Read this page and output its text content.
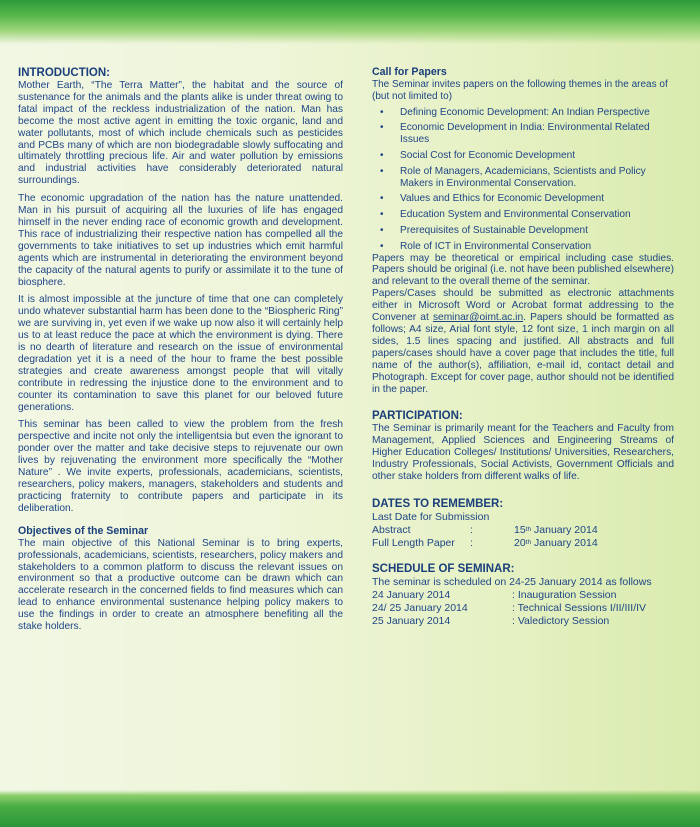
INTRODUCTION:

Mother Earth, “The Terra Matter”, the habitat and the source of sustenance for the animals and the plants alike is under threat owing to fatal impact of the reckless industrialization of the nation. Man has become the most active agent in emitting the toxic organic, land and water pollutants, most of which include chemicals such as pesticides and PCBs many of which are non biodegradable slowly suffocating and ultimately throttling precious life. Air and water pollution by emissions and industrial activities have considerably deteriorated natural surroundings.

The economic upgradation of the nation has the nature unattended. Man in his pursuit of acquiring all the luxuries of life has engaged himself in the never ending race of economic growth and development. This race of industrializing their respective nation has compelled all the governments to take initiatives to set up industries which emit harmful agents which are instrumental in deteriorating the environment beyond the capacity of the natural agents to purify or assimilate it to the tune of biosphere.

It is almost impossible at the juncture of time that one can completely undo whatever substantial harm has been done to the “Biospheric Ring” we are surviving in, yet even if we wake up now also it will certainly help us to at least reduce the pace at which the environment is dying. There is no dearth of literature and research on the issue of environmental degradation yet it is a need of the hour to frame the best possible strategies and create awareness amongst people that will vitally contribute in redressing the injustice done to the environment and to counter its contamination to save this planet for our beloved future generations.

This seminar has been called to view the problem from the fresh perspective and incite not only the intelligentsia but even the ignorant to ponder over the matter and take decisive steps to rejuvenate our own lives by rejuvenating the environment more specifically the “Mother Nature” . We invite experts, professionals, academicians, scientists, researchers, policy makers, managers, stakeholders and students and practicing fraternity to contribute papers and participate in its deliberation.

Objectives of the Seminar

The main objective of this National Seminar is to bring experts, professionals, academicians, scientists, researchers, policy makers and stakeholders to a common platform to discuss the relevant issues on environment so that a productive outcome can be drawn which can accelerate research in the concerned fields to find measures which can lead to enhance environmental sustenance helping policy makers to use the findings in order to create an atmosphere benefiting all the stake holders.

Call for Papers

The Seminar invites papers on the following themes in the areas of (but not limited to)

• Defining Economic Development: An Indian Perspective
• Economic Development in India: Environmental Related Issues
• Social Cost for Economic Development
• Role of Managers, Academicians, Scientists and Policy Makers in Environmental Conservation.
• Values and Ethics for Economic Development
• Education System and Environmental Conservation
• Prerequisites of Sustainable Development
• Role of ICT in Environmental Conservation

Papers may be theoretical or empirical including case studies. Papers should be original (i.e. not have been published elsewhere) and relevant to the overall theme of the seminar.

Papers/Cases should be submitted as electronic attachments either in Microsoft Word or Acrobat format addressing to the Convener at seminar@oimt.ac.in. Papers should be formatted as follows; A4 size, Arial font style, 12 font size, 1 inch margin on all sides, 1.5 lines spacing and justified. All abstracts and full papers/cases should have a cover page that includes the title, full name of the author(s), affiliation, e-mail id, contact detail and Photograph. Except for cover page, author should not be identified in the paper.

PARTICIPATION:

The Seminar is primarily meant for the Teachers and Faculty from Management, Applied Sciences and Engineering Streams of Higher Education Colleges/ Institutions/ Universities, Researchers, Industry Professionals, Social Activists, Government Officials and other stake holders from different walks of life.

DATES TO REMEMBER:

Last Date for Submission
Abstract	:	15th January 2014
Full Length Paper	:	20th January 2014

SCHEDULE OF SEMINAR:

The seminar is scheduled on 24-25 January 2014 as follows
24 January 2014	: Inauguration Session
24/ 25 January 2014	: Technical Sessions I/II/III/IV
25 January 2014	: Valedictory Session
